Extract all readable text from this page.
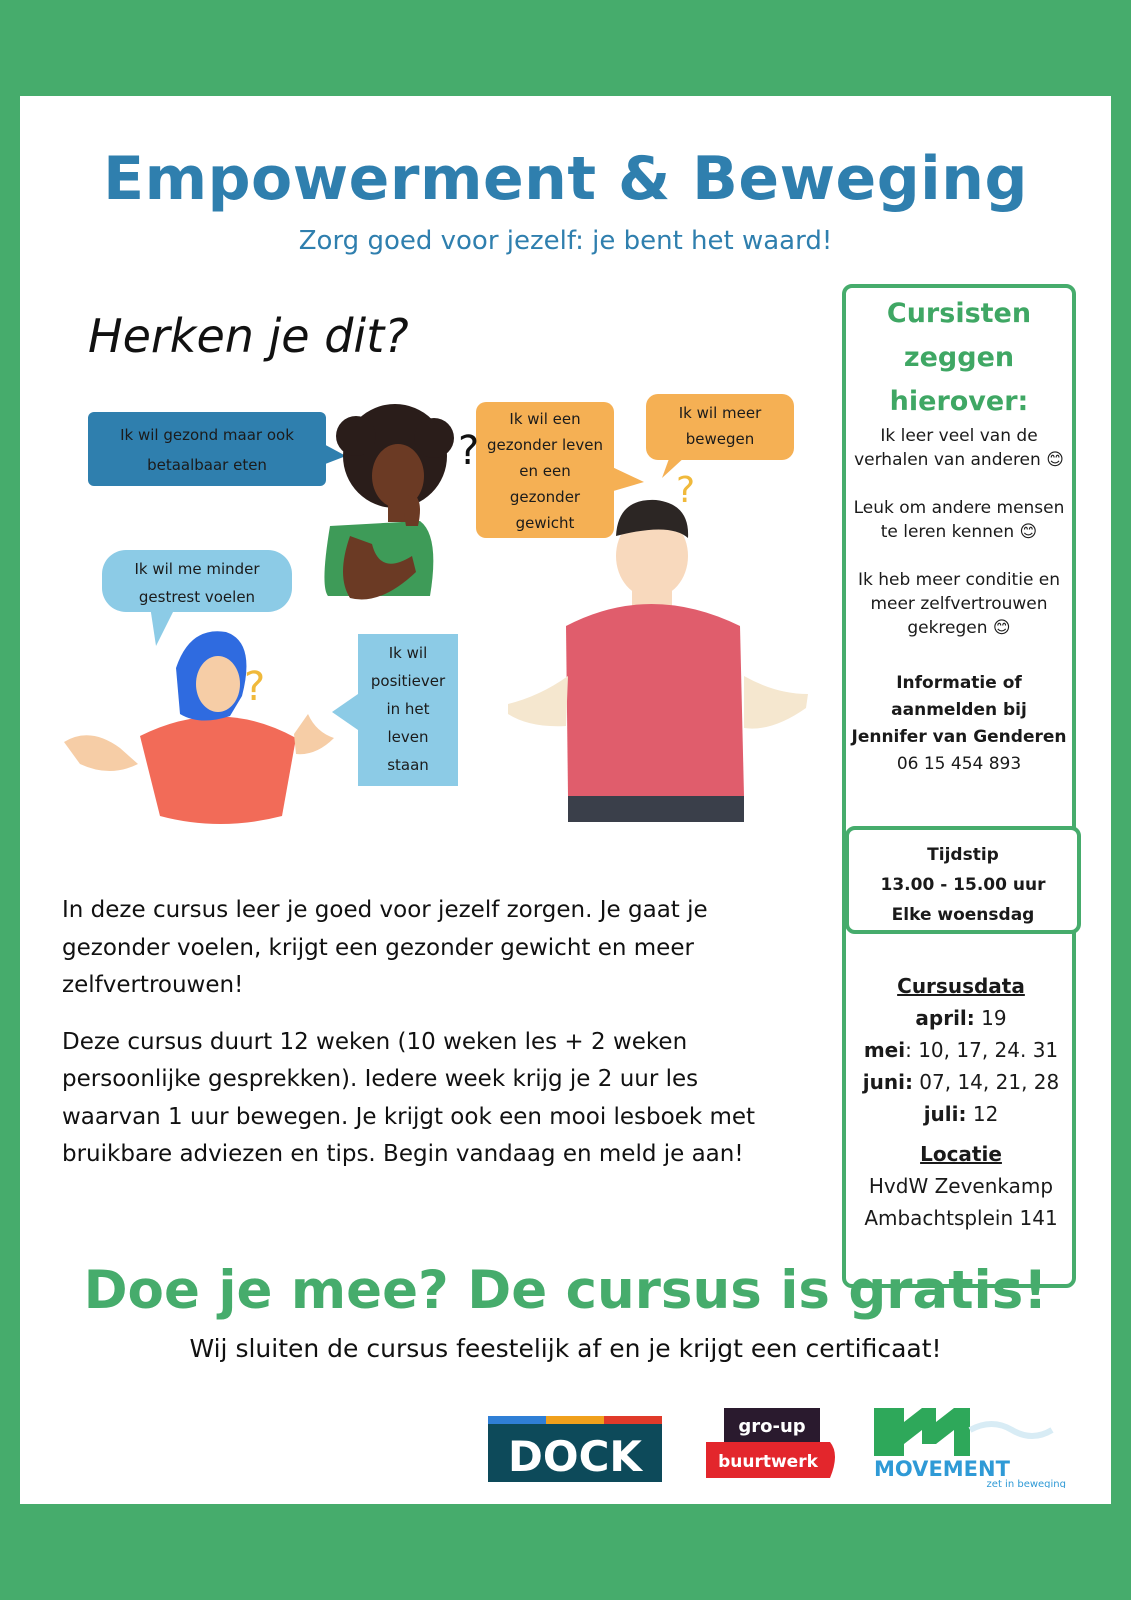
Empowerment & Beweging
Zorg goed voor jezelf: je bent het waard!
Herken je dit?
Ik wil gezond maar ook
betaalbaar eten
Ik wil een
gezonder leven
en een
gezonder
gewicht
Ik wil meer
bewegen
Ik wil me minder
gestrest voelen
Ik wil
positiever
in het
leven
staan
?
?
?

In deze cursus leer je goed voor jezelf zorgen. Je gaat je gezonder voelen, krijgt een gezonder gewicht en meer zelfvertrouwen!

Deze cursus duurt 12 weken (10 weken les + 2 weken persoonlijke gesprekken). Iedere week krijg je 2 uur les waarvan 1 uur bewegen. Je krijgt ook een mooi lesboek met bruikbare adviezen en tips. Begin vandaag en meld je aan!

Cursisten
zeggen
hierover:
Ik leer veel van de verhalen van anderen 😊
Leuk om andere mensen te leren kennen 😊
Ik heb meer conditie en meer zelfvertrouwen gekregen 😊
Informatie of
aanmelden bij
Jennifer van Genderen
06 15 454 893
Tijdstip
13.00 - 15.00 uur
Elke woensdag
Cursusdata
april: 19
mei: 10, 17, 24. 31
juni: 07, 14, 21, 28
juli: 12
Locatie
HvdW Zevenkamp
Ambachtsplein 141
Doe je mee? De cursus is gratis!
Wij sluiten de cursus feestelijk af en je krijgt een certificaat!
DOCK
gro-up
buurtwerk	MOVEMENT
zet in beweging
